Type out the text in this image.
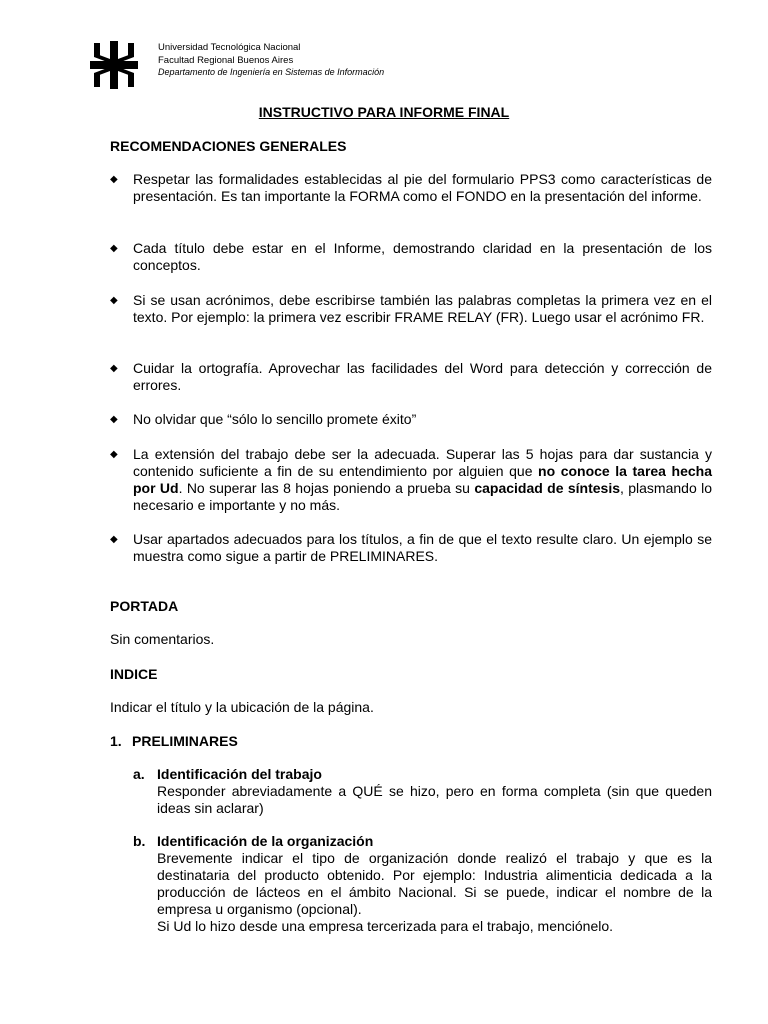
Universidad Tecnológica Nacional
Facultad Regional Buenos Aires
Departamento de Ingeniería en Sistemas de Información
INSTRUCTIVO PARA INFORME FINAL
RECOMENDACIONES GENERALES
◆	Respetar las formalidades establecidas al pie del formulario PPS3 como características de presentación. Es tan importante la FORMA como el FONDO en la presentación del informe.
◆	Cada título debe estar en el Informe, demostrando claridad en la presentación de los conceptos.
◆	Si se usan acrónimos, debe escribirse también las palabras completas la primera vez en el texto. Por ejemplo: la primera vez escribir FRAME RELAY (FR). Luego usar el acrónimo FR.
◆	Cuidar la ortografía. Aprovechar las facilidades del Word para detección y corrección de errores.
◆	No olvidar que “sólo lo sencillo promete éxito”
◆	La extensión del trabajo debe ser la adecuada. Superar las 5 hojas para dar sustancia y contenido suficiente a fin de su entendimiento por alguien que no conoce la tarea hecha por Ud. No superar las 8 hojas poniendo a prueba su capacidad de síntesis, plasmando lo necesario e importante y no más.
◆	Usar apartados adecuados para los títulos, a fin de que el texto resulte claro. Un ejemplo se muestra como sigue a partir de PRELIMINARES.
PORTADA
Sin comentarios.
INDICE
Indicar el título y la ubicación de la página.
1. PRELIMINARES
a. Identificación del trabajo
Responder abreviadamente a QUÉ se hizo, pero en forma completa (sin que queden ideas sin aclarar)
b. Identificación de la organización
Brevemente indicar el tipo de organización donde realizó el trabajo y que es la destinataria del producto obtenido. Por ejemplo: Industria alimenticia dedicada a la producción de lácteos en el ámbito Nacional. Si se puede, indicar el nombre de la empresa u organismo (opcional).
Si Ud lo hizo desde una empresa tercerizada para el trabajo, menciónelo.
